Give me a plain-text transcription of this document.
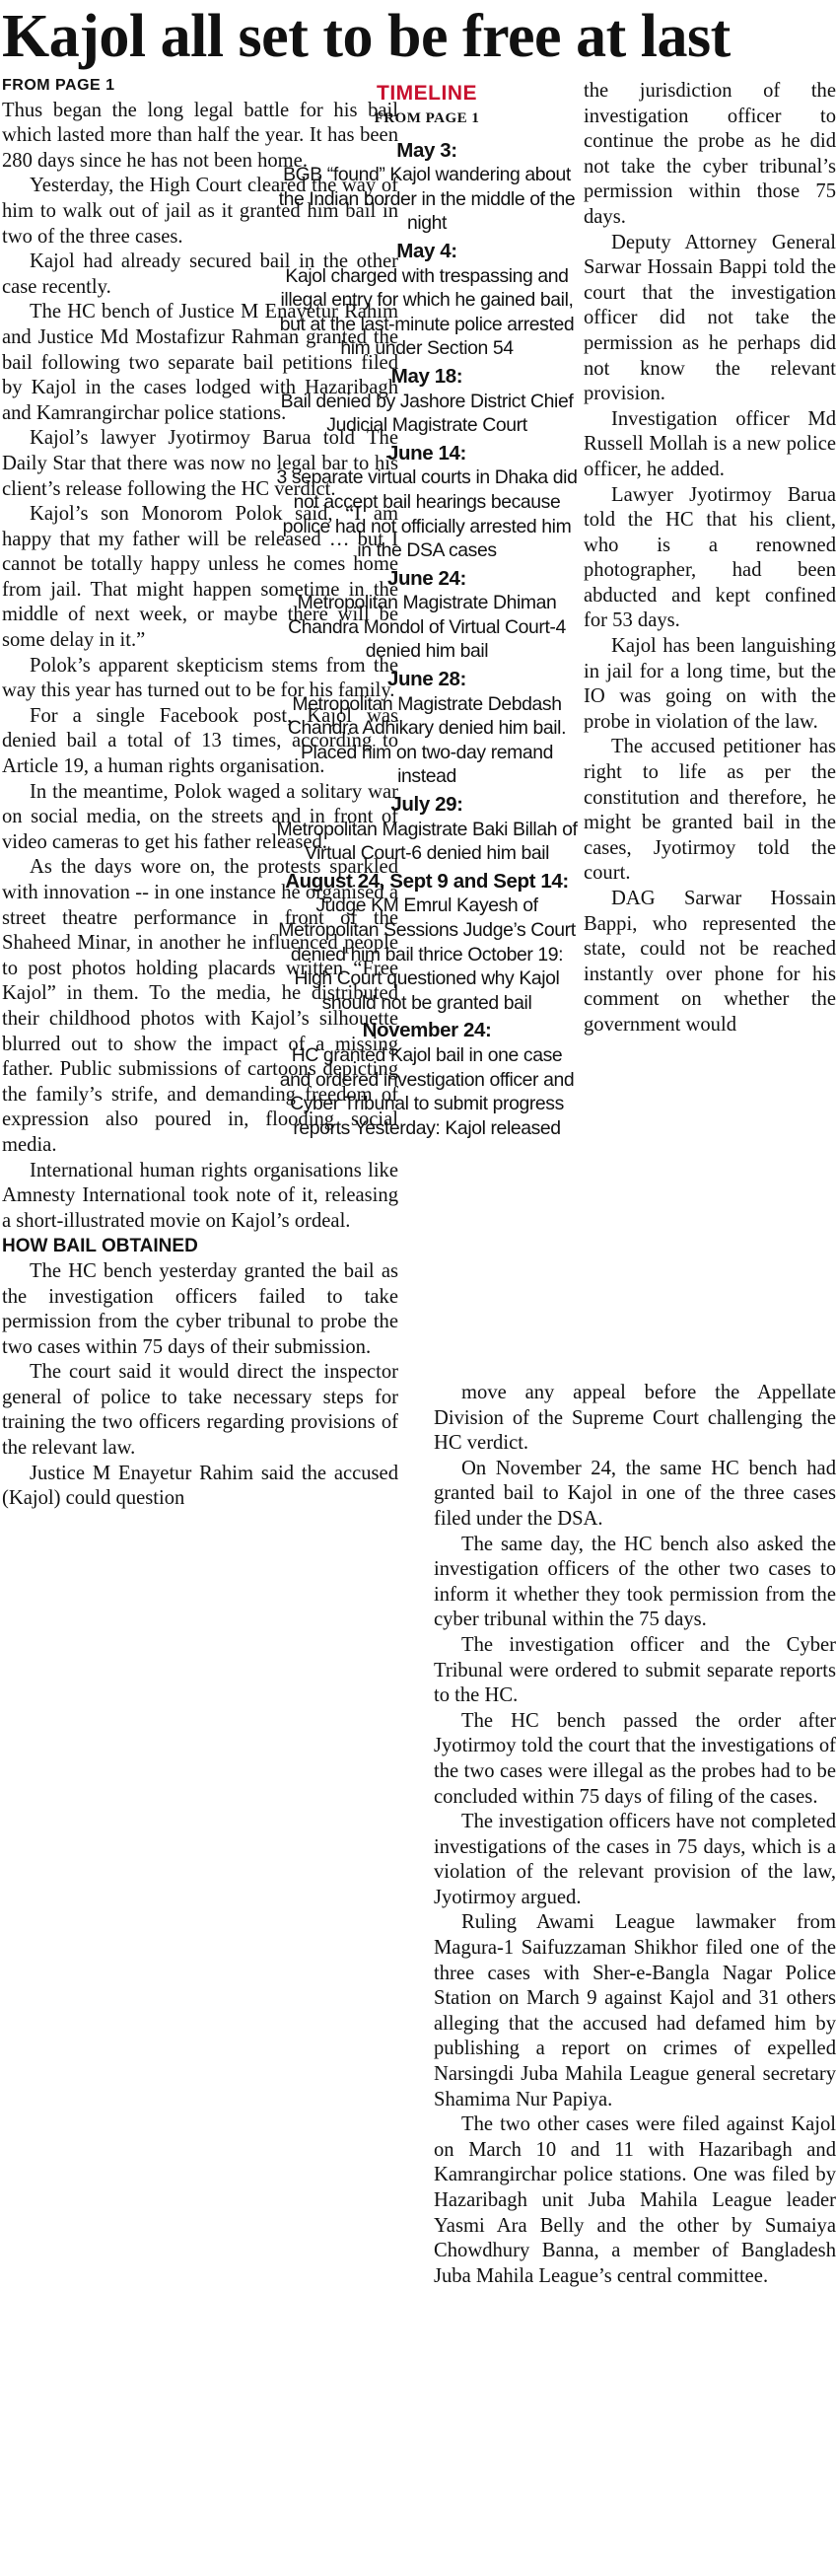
Kajol all set to be free at last
FROM PAGE 1

Thus began the long legal battle for his bail which lasted more than half the year. It has been 280 days since he has not been home.

Yesterday, the High Court cleared the way of him to walk out of jail as it granted him bail in two of the three cases.

Kajol had already secured bail in the other case recently.

The HC bench of Justice M Enayetur Rahim and Justice Md Mostafizur Rahman granted the bail following two separate bail petitions filed by Kajol in the cases lodged with Hazaribagh and Kamrangirchar police stations.

Kajol’s lawyer Jyotirmoy Barua told The Daily Star that there was now no legal bar to his client’s release following the HC verdict.

Kajol’s son Monorom Polok said, “I am happy that my father will be released … but I cannot be totally happy unless he comes home from jail. That might happen sometime in the middle of next week, or maybe there will be some delay in it.”

Polok’s apparent skepticism stems from the way this year has turned out to be for his family.

For a single Facebook post, Kajol was denied bail a total of 13 times, according to Article 19, a human rights organisation.

In the meantime, Polok waged a solitary war on social media, on the streets and in front of video cameras to get his father released.

As the days wore on, the protests sparkled with innovation -- in one instance he organised a street theatre performance in front of the Shaheed Minar, in another he influenced people to post photos holding placards written “Free Kajol” in them. To the media, he distributed their childhood photos with Kajol’s silhouette blurred out to show the impact of a missing father. Public submissions of cartoons depicting the family’s strife, and demanding freedom of expression also poured in, flooding social media.

International human rights organisations like Amnesty International took note of it, releasing a short-illustrated movie on Kajol’s ordeal.

HOW BAIL OBTAINED

The HC bench yesterday granted the bail as the investigation officers failed to take permission from the cyber tribunal to probe the two cases within 75 days of their submission.

The court said it would direct the inspector general of police to take necessary steps for training the two officers regarding provisions of the relevant law.

Justice M Enayetur Rahim said the accused (Kajol) could question

TIMELINE
FROM PAGE 1
May 3:

BGB “found” Kajol wandering about the Indian border in the middle of the night

May 4:

Kajol charged with trespassing and illegal entry for which he gained bail, but at the last-minute police arrested him under Section 54

May 18:

Bail denied by Jashore District Chief Judicial Magistrate Court

June 14:

3 separate virtual courts in Dhaka did not accept bail hearings because police had not officially arrested him in the DSA cases

June 24:

Metropolitan Magistrate Dhiman Chandra Mondol of Virtual Court-4 denied him bail

June 28:

Metropolitan Magistrate Debdash Chandra Adhikary denied him bail. Placed him on two-day remand instead

July 29:

Metropolitan Magistrate Baki Billah of Virtual Court-6 denied him bail

August 24, Sept 9 and Sept 14:

Judge KM Emrul Kayesh of Metropolitan Sessions Judge’s Court denied him bail thrice October 19: High Court questioned why Kajol should not be granted bail

November 24:

HC granted Kajol bail in one case and ordered investigation officer and Cyber Tribunal to submit progress reports Yesterday: Kajol released

the jurisdiction of the investigation officer to continue the probe as he did not take the cyber tribunal’s permission within those 75 days.

Deputy Attorney General Sarwar Hossain Bappi told the court that the investigation officer did not take the permission as he perhaps did not know the relevant provision.

Investigation officer Md Russell Mollah is a new police officer, he added.

Lawyer Jyotirmoy Barua told the HC that his client, who is a renowned photographer, had been abducted and kept confined for 53 days.

Kajol has been languishing in jail for a long time, but the IO was going on with the probe in violation of the law.

The accused petitioner has right to life as per the constitution and therefore, he might be granted bail in the cases, Jyotirmoy told the court.

DAG Sarwar Hossain Bappi, who represented the state, could not be reached instantly over phone for his comment on whether the government would

move any appeal before the Appellate Division of the Supreme Court challenging the HC verdict.

On November 24, the same HC bench had granted bail to Kajol in one of the three cases filed under the DSA.

The same day, the HC bench also asked the investigation officers of the other two cases to inform it whether they took permission from the cyber tribunal within the 75 days.

The investigation officer and the Cyber Tribunal were ordered to submit separate reports to the HC.

The HC bench passed the order after Jyotirmoy told the court that the investigations of the two cases were illegal as the probes had to be concluded within 75 days of filing of the cases.

The investigation officers have not completed investigations of the cases in 75 days, which is a violation of the relevant provision of the law, Jyotirmoy argued.

Ruling Awami League lawmaker from Magura-1 Saifuzzaman Shikhor filed one of the three cases with Sher-e-Bangla Nagar Police Station on March 9 against Kajol and 31 others alleging that the accused had defamed him by publishing a report on crimes of expelled Narsingdi Juba Mahila League general secretary Shamima Nur Papiya.

The two other cases were filed against Kajol on March 10 and 11 with Hazaribagh and Kamrangirchar police stations. One was filed by Hazaribagh unit Juba Mahila League leader Yasmi Ara Belly and the other by Sumaiya Chowdhury Banna, a member of Bangladesh Juba Mahila League’s central committee.
